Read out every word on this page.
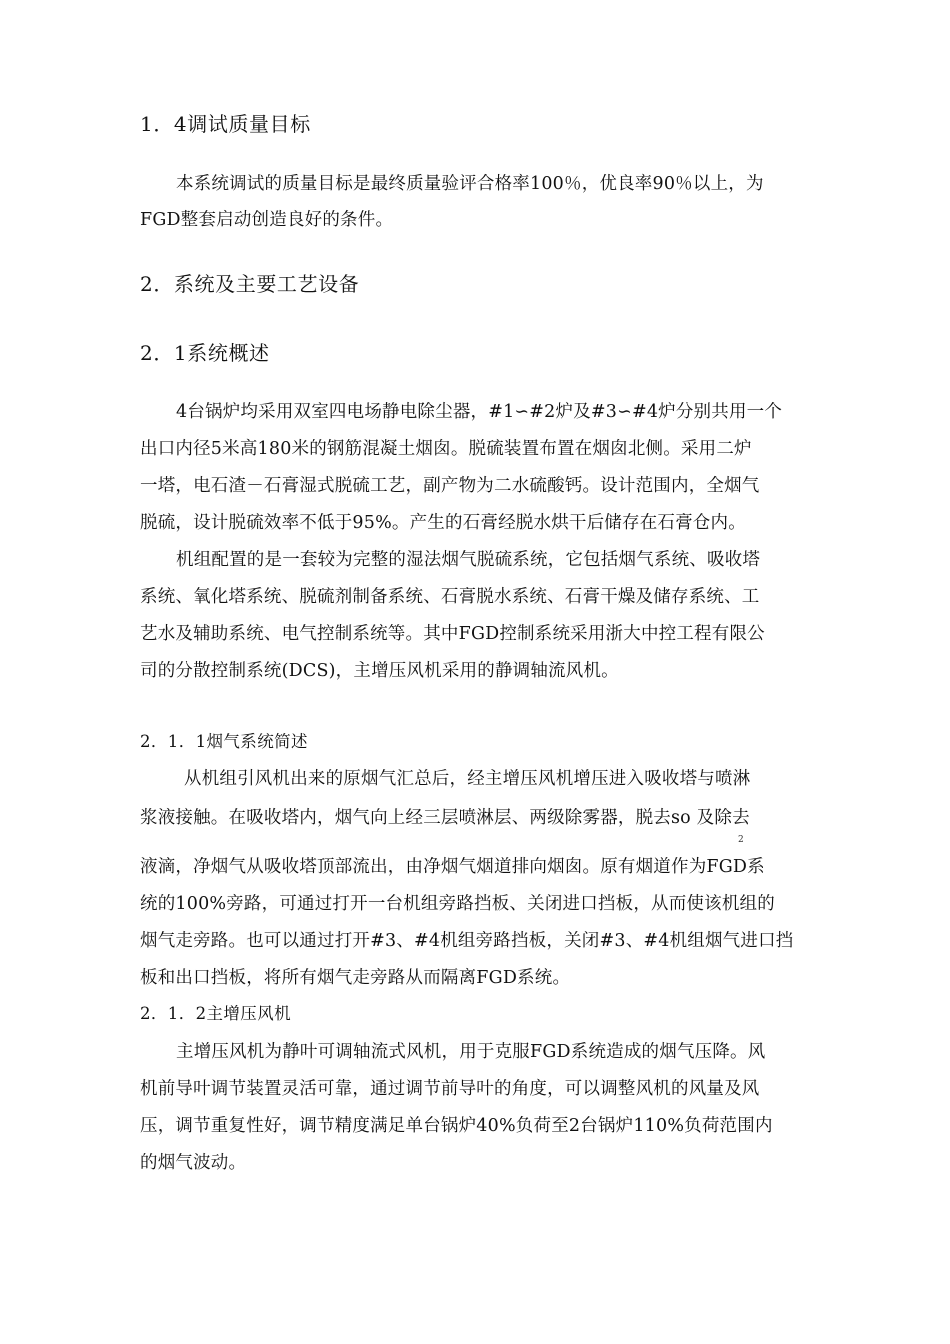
1．4调试质量目标
本系统调试的质量目标是最终质量验评合格率100％，优良率90％以上，为
FGD整套启动创造良好的条件。
2．系统及主要工艺设备
2．1系统概述
4台锅炉均采用双室四电场静电除尘器，#1∽#2炉及#3∽#4炉分别共用一个
出口内径5米高180米的钢筋混凝土烟囱。脱硫装置布置在烟囱北侧。采用二炉
一塔，电石渣－石膏湿式脱硫工艺，副产物为二水硫酸钙。设计范围内，全烟气
脱硫，设计脱硫效率不低于95%。产生的石膏经脱水烘干后储存在石膏仓内。
机组配置的是一套较为完整的湿法烟气脱硫系统，它包括烟气系统、吸收塔
系统、氧化塔系统、脱硫剂制备系统、石膏脱水系统、石膏干燥及储存系统、工
艺水及辅助系统、电气控制系统等。其中FGD控制系统采用浙大中控工程有限公
司的分散控制系统(DCS)，主增压风机采用的静调轴流风机。
2．1．1烟气系统简述
从机组引风机出来的原烟气汇总后，经主增压风机增压进入吸收塔与喷淋
浆液接触。在吸收塔内，烟气向上经三层喷淋层、两级除雾器，脱去so 及除去
2
液滴，净烟气从吸收塔顶部流出，由净烟气烟道排向烟囱。原有烟道作为FGD系
统的100%旁路，可通过打开一台机组旁路挡板、关闭进口挡板，从而使该机组的
烟气走旁路。也可以通过打开#3、#4机组旁路挡板，关闭#3、#4机组烟气进口挡
板和出口挡板，将所有烟气走旁路从而隔离FGD系统。
2．1．2主增压风机
主增压风机为静叶可调轴流式风机，用于克服FGD系统造成的烟气压降。风
机前导叶调节装置灵活可靠，通过调节前导叶的角度，可以调整风机的风量及风
压，调节重复性好，调节精度满足单台锅炉40%负荷至2台锅炉110%负荷范围内
的烟气波动。
